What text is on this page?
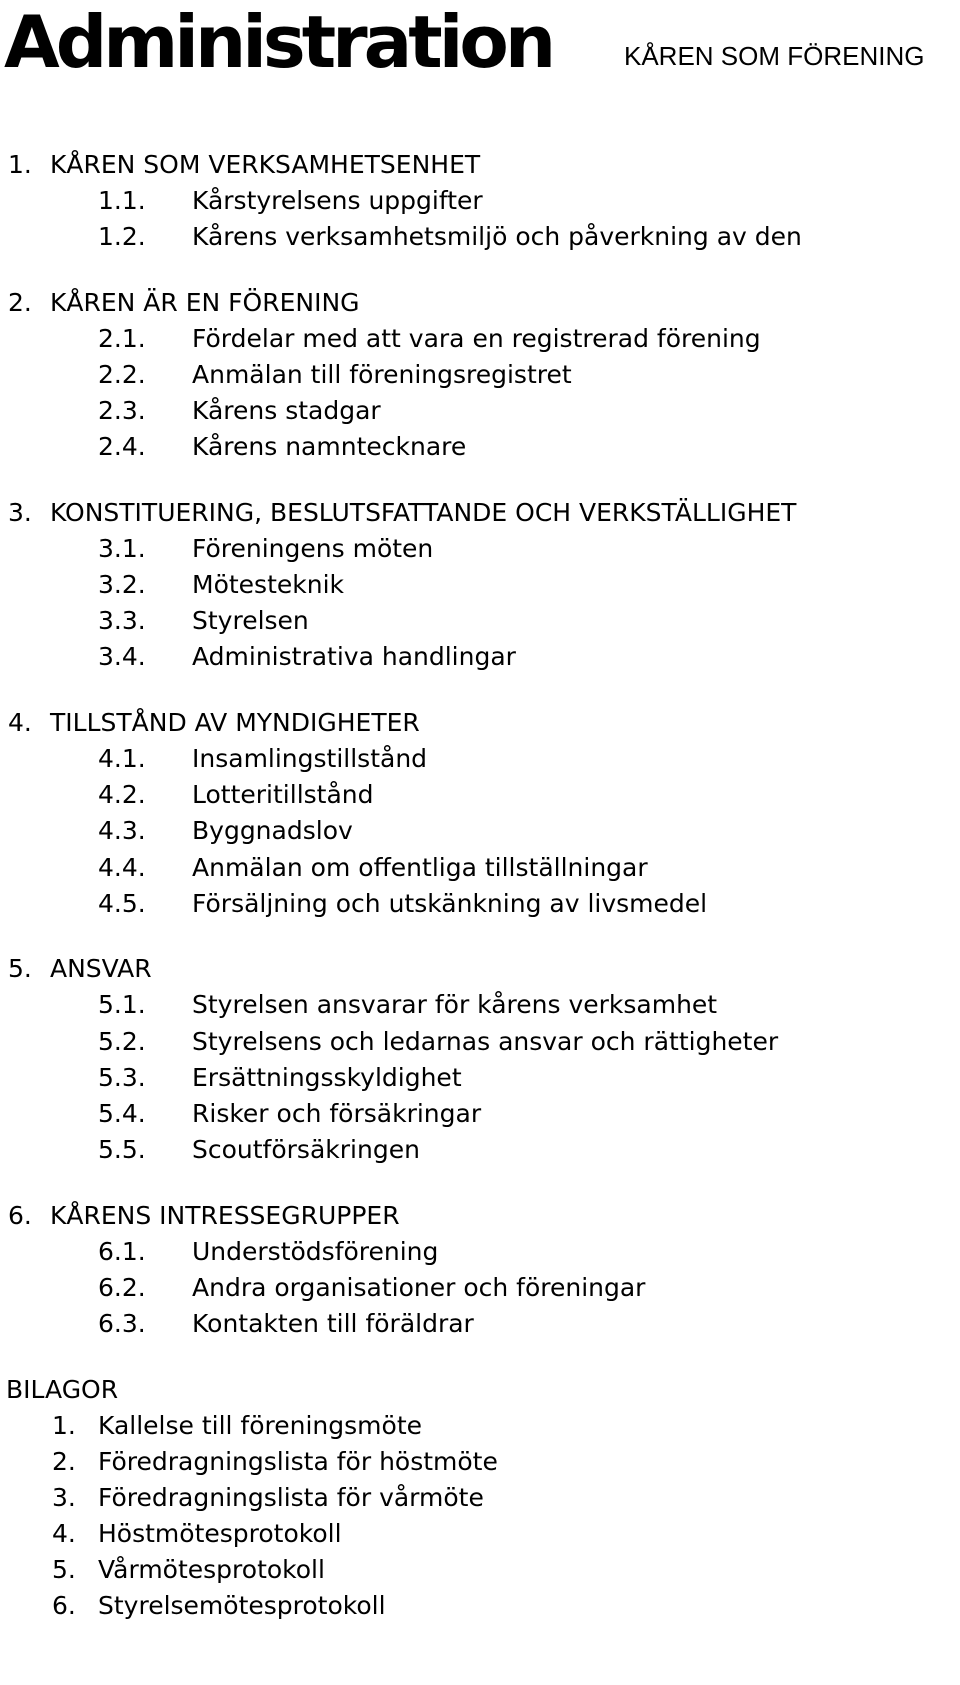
Administration	KÅREN SOM FÖRENING
1. KÅREN SOM VERKSAMHETSENHET
1.1. Kårstyrelsens uppgifter
1.2. Kårens verksamhetsmiljö och påverkning av den
2. KÅREN ÄR EN FÖRENING
2.1. Fördelar med att vara en registrerad förening
2.2. Anmälan till föreningsregistret
2.3. Kårens stadgar
2.4. Kårens namntecknare
3. KONSTITUERING, BESLUTSFATTANDE OCH VERKSTÄLLIGHET
3.1. Föreningens möten
3.2. Mötesteknik
3.3. Styrelsen
3.4. Administrativa handlingar
4. TILLSTÅND AV MYNDIGHETER
4.1. Insamlingstillstånd
4.2. Lotteritillstånd
4.3. Byggnadslov
4.4. Anmälan om offentliga tillställningar
4.5. Försäljning och utskänkning av livsmedel
5. ANSVAR
5.1. Styrelsen ansvarar för kårens verksamhet
5.2. Styrelsens och ledarnas ansvar och rättigheter
5.3. Ersättningsskyldighet
5.4. Risker och försäkringar
5.5. Scoutförsäkringen
6. KÅRENS INTRESSEGRUPPER
6.1. Understödsförening
6.2. Andra organisationer och föreningar
6.3. Kontakten till föräldrar
BILAGOR
1. Kallelse till föreningsmöte
2. Föredragningslista för höstmöte
3. Föredragningslista för vårmöte
4. Höstmötesprotokoll
5. Vårmötesprotokoll
6. Styrelsemötesprotokoll
